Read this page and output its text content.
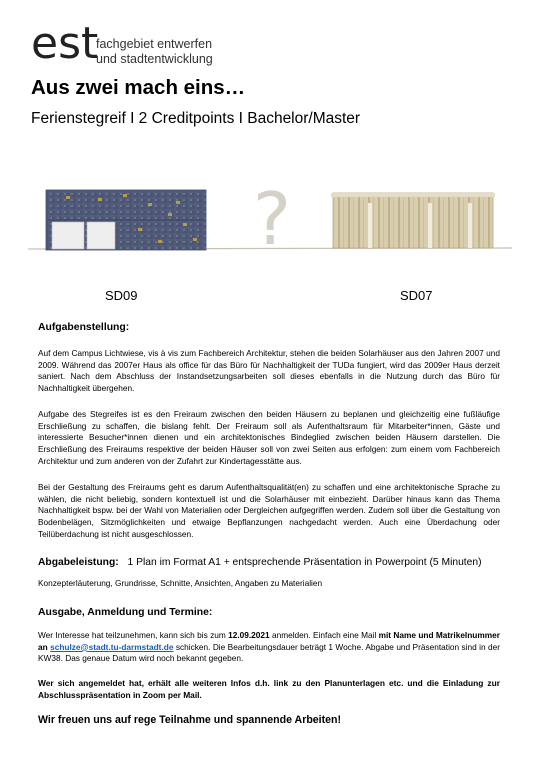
est
fachgebiet entwerfen
und stadtentwicklung
Aus zwei mach eins…
Ferienstegreif I 2 Creditpoints I Bachelor/Master
?
SD09	SD07
Aufgabenstellung:
Auf dem Campus Lichtwiese, vis à vis zum Fachbereich Architektur, stehen die beiden Solarhäuser aus den Jahren 2007 und 2009. Während das 2007er Haus als office für das Büro für Nachhaltigkeit der TUDa fungiert, wird das 2009er Haus derzeit saniert. Nach dem Abschluss der Instandsetzungsarbeiten soll dieses ebenfalls in die Nutzung durch das Büro für Nachhaltigkeit übergehen.
Aufgabe des Stegreifes ist es den Freiraum zwischen den beiden Häusern zu beplanen und gleichzeitig eine fußläufige Erschließung zu schaffen, die bislang fehlt. Der Freiraum soll als Aufenthaltsraum für Mitarbeiter*innen, Gäste und interessierte Besucher*innen dienen und ein architektonisches Bindeglied zwischen beiden Häusern darstellen. Die Erschließung des Freiraums respektive der beiden Häuser soll von zwei Seiten aus erfolgen: zum einem vom Fachbereich Architektur und zum anderen von der Zufahrt zur Kindertagesstätte aus.
Bei der Gestaltung des Freiraums geht es darum Aufenthaltsqualität(en) zu schaffen und eine architektonische Sprache zu wählen, die nicht beliebig, sondern kontextuell ist und die Solarhäuser mit einbezieht. Darüber hinaus kann das Thema Nachhaltigkeit bspw. bei der Wahl von Materialien oder Dergleichen aufgegriffen werden. Zudem soll über die Gestaltung von Bodenbelägen, Sitzmöglichkeiten und etwaige Bepflanzungen nachgedacht werden. Auch eine Überdachung oder Teilüberdachung ist nicht ausgeschlossen.
Abgabeleistung: 1 Plan im Format A1 + entsprechende Präsentation in Powerpoint (5 Minuten)
Konzepterläuterung, Grundrisse, Schnitte, Ansichten, Angaben zu Materialien
Ausgabe, Anmeldung und Termine:
Wer Interesse hat teilzunehmen, kann sich bis zum 12.09.2021 anmelden. Einfach eine Mail mit Name und Matrikelnummer an schulze@stadt.tu-darmstadt.de schicken. Die Bearbeitungsdauer beträgt 1 Woche. Abgabe und Präsentation sind in der KW38. Das genaue Datum wird noch bekannt gegeben.
Wer sich angemeldet hat, erhält alle weiteren Infos d.h. link zu den Planunterlagen etc. und die Einladung zur Abschlusspräsentation in Zoom per Mail.
Wir freuen uns auf rege Teilnahme und spannende Arbeiten!
